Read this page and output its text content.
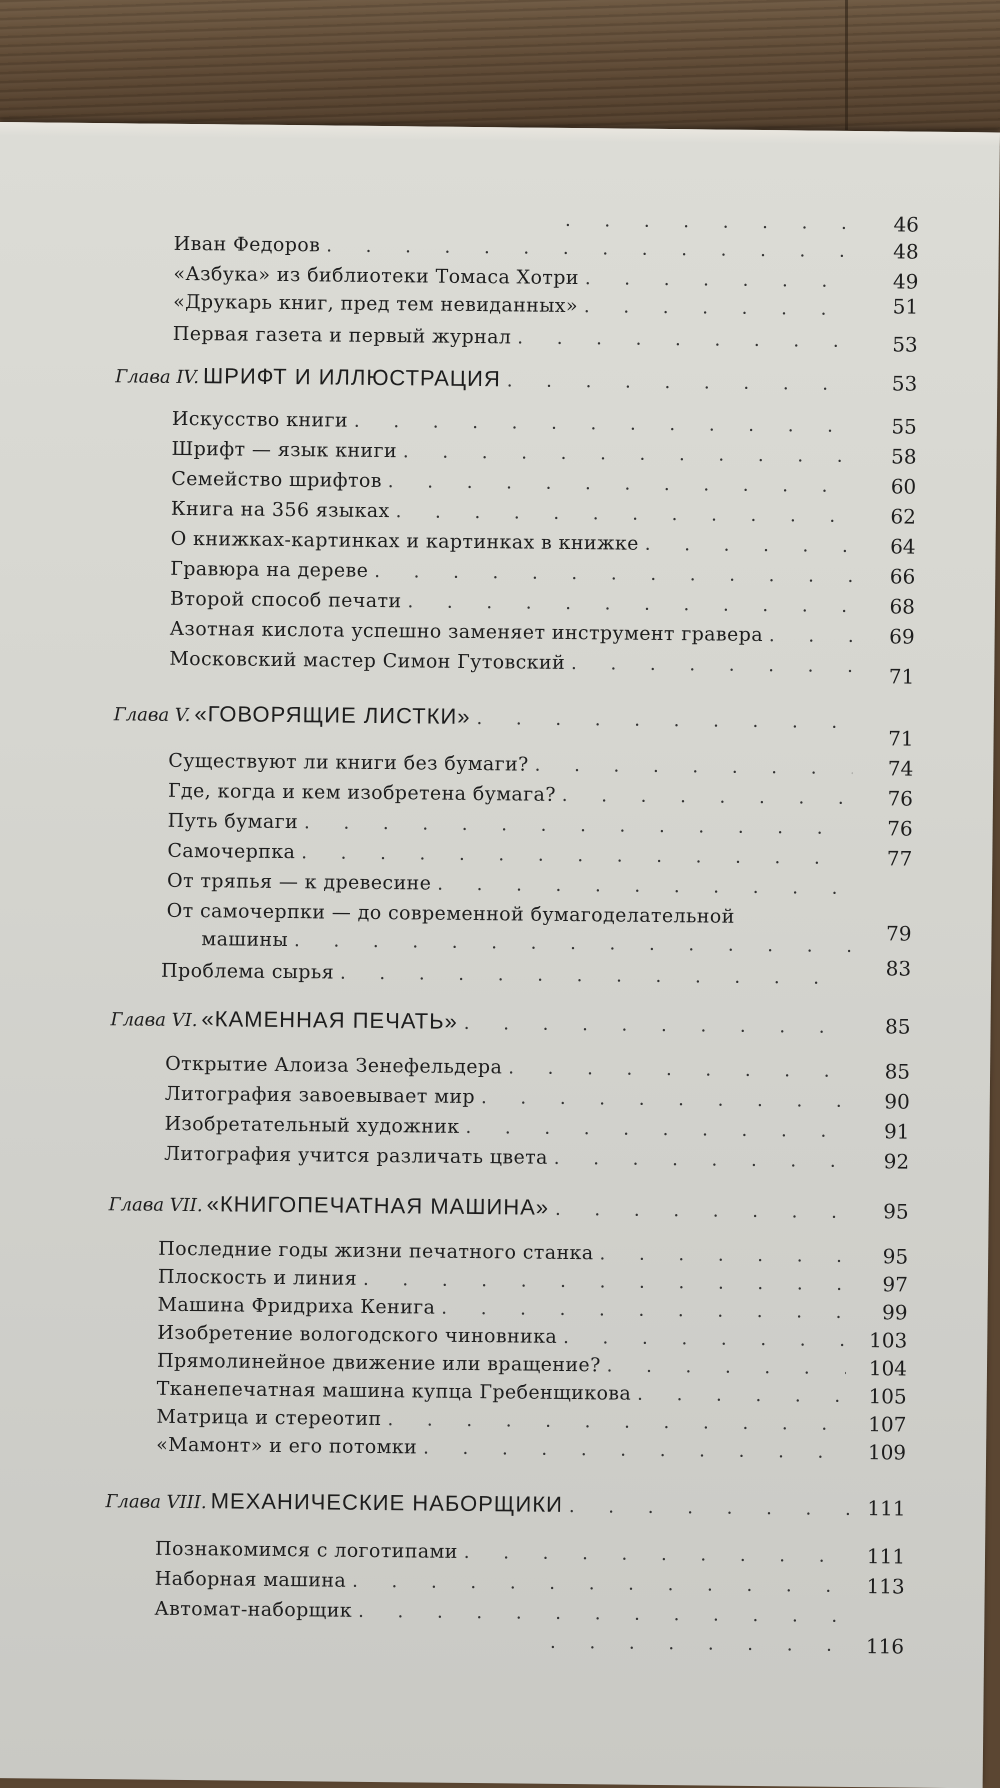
. . .
Иван Федоров
. . .
«Азбука» из библиотеки Томаса Хотри
. . .
«Друкарь книг, пред тем невиданных»
. . .
Первая газета и первый журнал
. . .
Глава IV. ШРИФТ И ИЛЛЮСТРАЦИЯ
. . .
Искусство книги
. . .
Шрифт — язык книги
. . .
Семейство шрифтов
. . .
Книга на 356 языках
. . .
О книжках-картинках и картинках в книжке
. . .
Гравюра на дереве
. . .
Второй способ печати
. . .
Азотная кислота успешно заменяет инструмент гравера
. . .
Московский мастер Симон Гутовский
. . .
Глава V. «ГОВОРЯЩИЕ ЛИСТКИ»
. . .
Существуют ли книги без бумаги?
. . .
Где, когда и кем изобретена бумага?
. . .
Путь бумаги
. . .
Самочерпка
. . .
От тряпья — к древесине
. . .
От самочерпки — до современной бумагоделательной
машины
. . .
Проблема сырья
. . .
Глава VI. «КАМЕННАЯ ПЕЧАТЬ»
. . .
Открытие Алоиза Зенефельдера
. . .
Литография завоевывает мир
. . .
Изобретательный художник
. . .
Литография учится различать цвета
. . .
Глава VII. «КНИГОПЕЧАТНАЯ МАШИНА»
. . .
Последние годы жизни печатного станка
. . .
Плоскость и линия
. . .
Машина Фридриха Кенига
. . .
Изобретение вологодского чиновника
. . .
Прямолинейное движение или вращение?
. . .
Тканепечатная машина купца Гребенщикова
. . .
Матрица и стереотип
. . .
«Мамонт» и его потомки
. . .
Глава VIII. МЕХАНИЧЕСКИЕ НАБОРЩИКИ
. . .
Познакомимся с логотипами
. . .
Наборная машина
. . .
Автомат-наборщик
. . .
. . .
46
48
49
51
53
53
55
58
60
62
64
66
68
69
71
71
74
76
76
77
79
83
85
85
90
91
92
95
95
97
99
103
104
105
107
109
111
111
113
116
